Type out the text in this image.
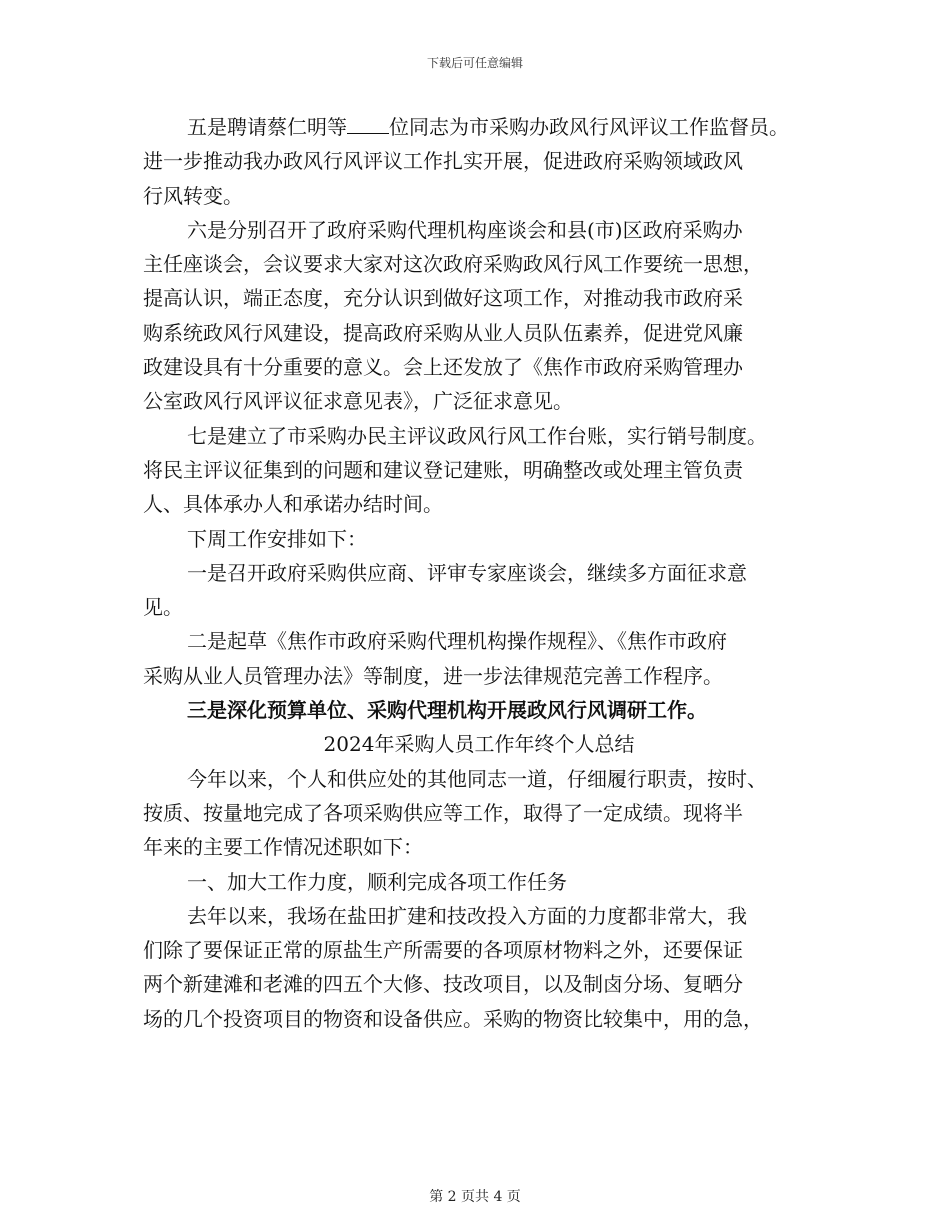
下载后可任意编辑
五是聘请蔡仁明等 位同志为市采购办政风行风评议工作监督员。
进一步推动我办政风行风评议工作扎实开展，促进政府采购领域政风
行风转变。
六是分别召开了政府采购代理机构座谈会和县(市)区政府采购办
主任座谈会，会议要求大家对这次政府采购政风行风工作要统一思想，
提高认识，端正态度，充分认识到做好这项工作，对推动我市政府采
购系统政风行风建设，提高政府采购从业人员队伍素养，促进党风廉
政建设具有十分重要的意义。会上还发放了《焦作市政府采购管理办
公室政风行风评议征求意见表》，广泛征求意见。
七是建立了市采购办民主评议政风行风工作台账，实行销号制度。
将民主评议征集到的问题和建议登记建账，明确整改或处理主管负责
人、具体承办人和承诺办结时间。
下周工作安排如下：
一是召开政府采购供应商、评审专家座谈会，继续多方面征求意
见。
二是起草《焦作市政府采购代理机构操作规程》、《焦作市政府
采购从业人员管理办法》等制度，进一步法律规范完善工作程序。
三是深化预算单位、采购代理机构开展政风行风调研工作。
2024年采购人员工作年终个人总结
今年以来，个人和供应处的其他同志一道，仔细履行职责，按时、
按质、按量地完成了各项采购供应等工作，取得了一定成绩。现将半
年来的主要工作情况述职如下：
一、加大工作力度，顺利完成各项工作任务
去年以来，我场在盐田扩建和技改投入方面的力度都非常大，我
们除了要保证正常的原盐生产所需要的各项原材物料之外，还要保证
两个新建滩和老滩的四五个大修、技改项目，以及制卤分场、复晒分
场的几个投资项目的物资和设备供应。采购的物资比较集中，用的急，
第 2 页共 4 页
